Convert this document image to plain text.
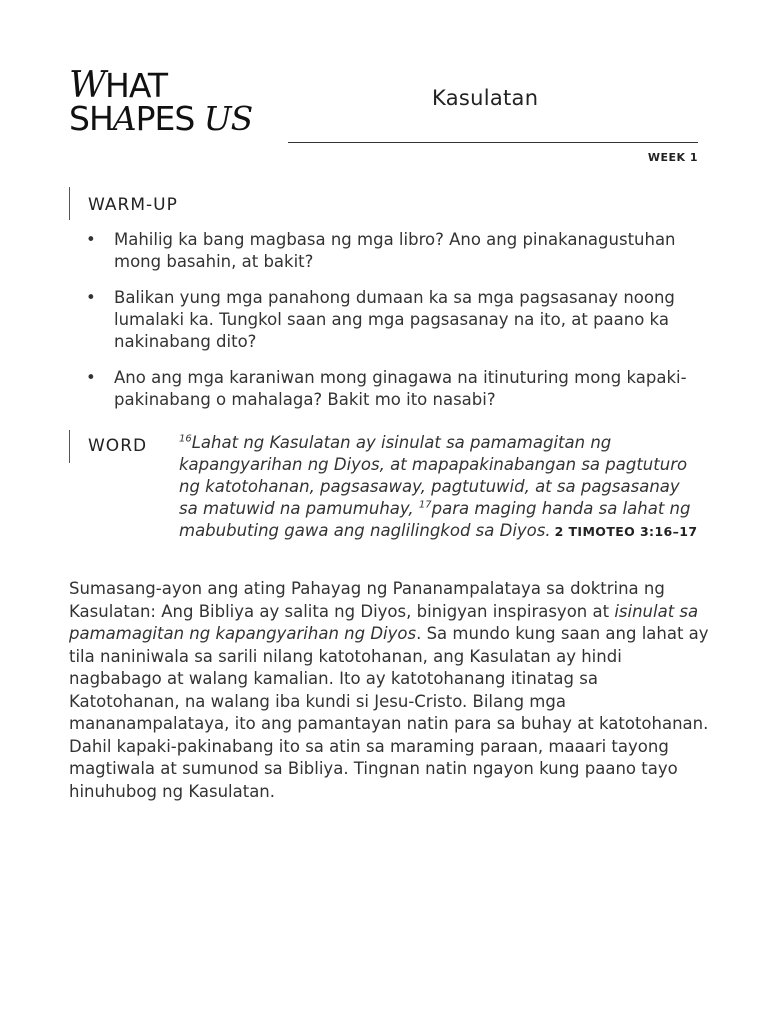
WHAT
SHAPES US
Kasulatan
WEEK 1
WARM-UP
• Mahilig ka bang magbasa ng mga libro? Ano ang pinakanagustuhan mong basahin, at bakit?
• Balikan yung mga panahong dumaan ka sa mga pagsasanay noong lumalaki ka. Tungkol saan ang mga pagsasanay na ito, at paano ka nakinabang dito?
• Ano ang mga karaniwan mong ginagawa na itinuturing mong kapaki-pakinabang o mahalaga? Bakit mo ito nasabi?
WORD	$^{16}$Lahat ng Kasulatan ay isinulat sa pamamagitan ng kapangyarihan ng Diyos, at mapapakinabangan sa pagtuturo ng katotohanan, pagsasaway, pagtutuwid, at sa pagsasanay sa matuwid na pamumuhay, $^{17}$para maging handa sa lahat ng mabubuting gawa ang naglilingkod sa Diyos. 2 TIMOTEO 3:16–17
Sumasang-ayon ang ating Pahayag ng Pananampalataya sa doktrina ng Kasulatan: Ang Bibliya ay salita ng Diyos, binigyan inspirasyon at isinulat sa pamamagitan ng kapangyarihan ng Diyos. Sa mundo kung saan ang lahat ay tila naniniwala sa sarili nilang katotohanan, ang Kasulatan ay hindi nagbabago at walang kamalian. Ito ay katotohanang itinatag sa Katotohanan, na walang iba kundi si Jesu-Cristo. Bilang mga mananampalataya, ito ang pamantayan natin para sa buhay at katotohanan. Dahil kapaki-pakinabang ito sa atin sa maraming paraan, maaari tayong magtiwala at sumunod sa Bibliya. Tingnan natin ngayon kung paano tayo hinuhubog ng Kasulatan.
